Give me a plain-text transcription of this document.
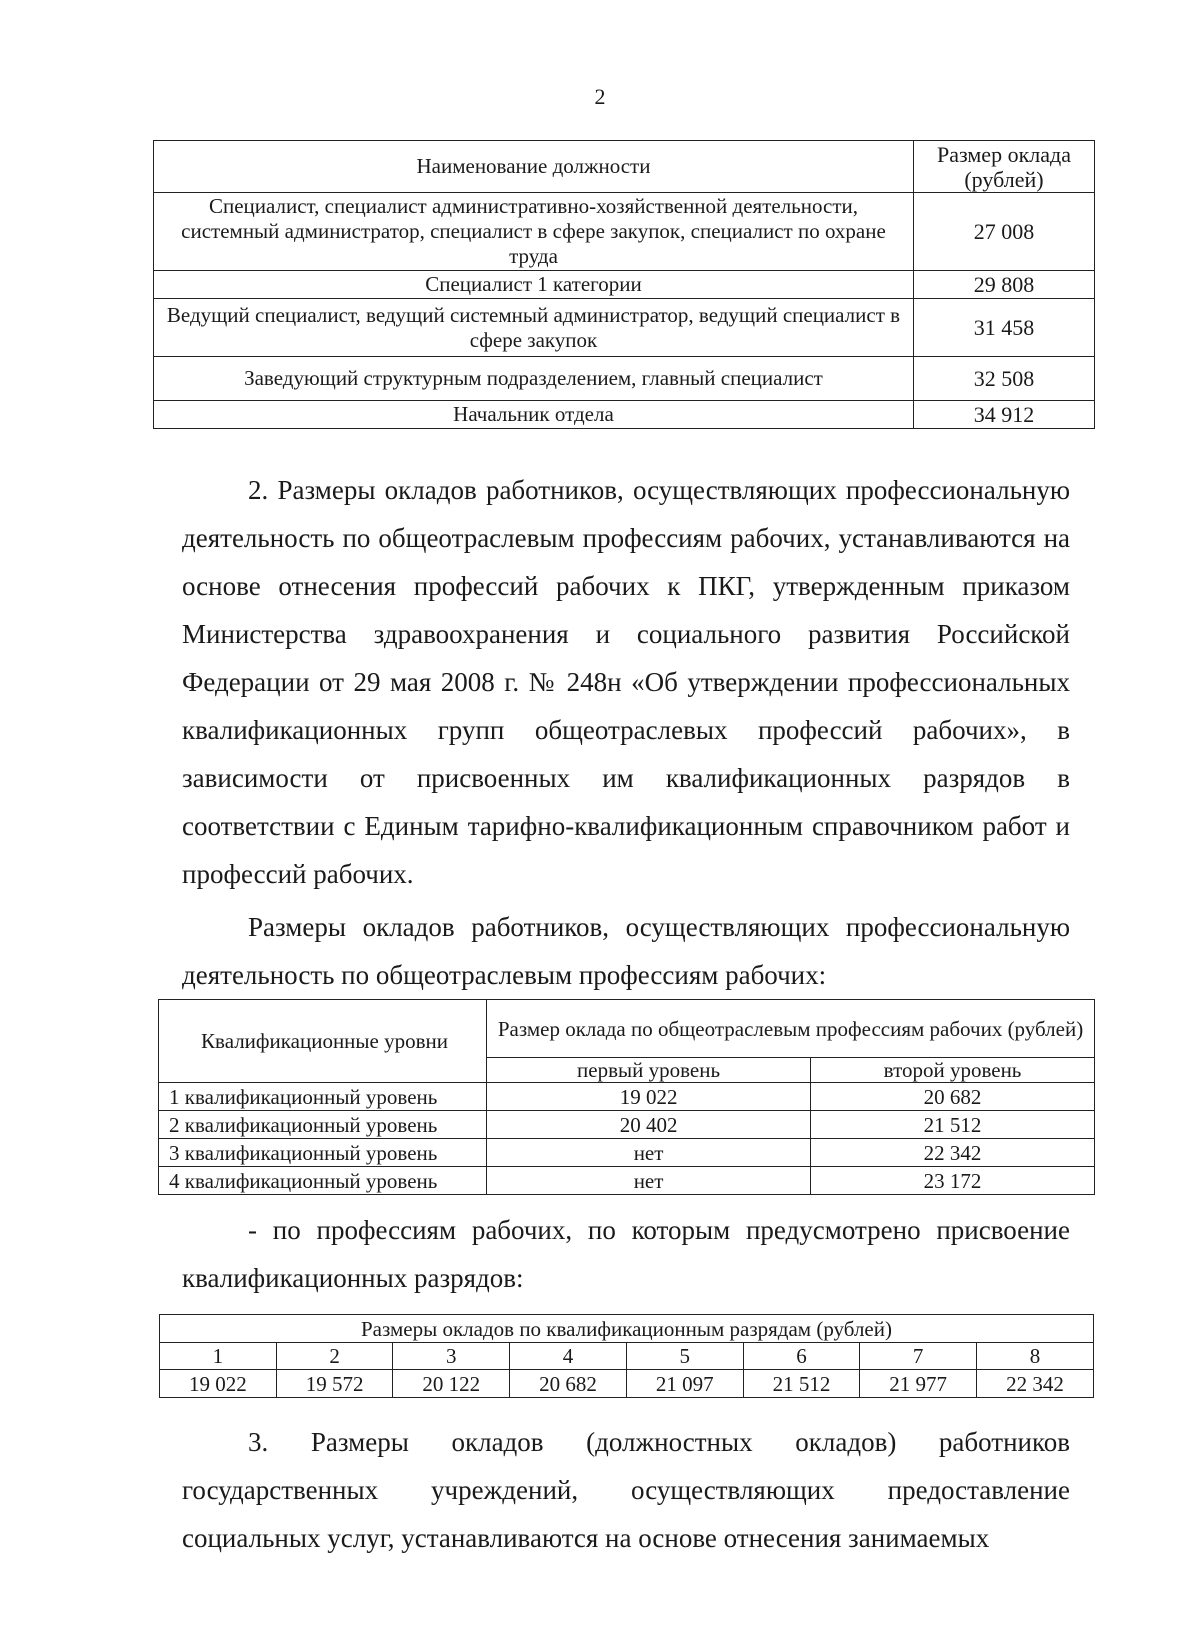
2
Наименование должности	Размер оклада (рублей)
Специалист, специалист административно-хозяйственной деятельности, системный администратор, специалист в сфере закупок, специалист по охране труда	27 008
Специалист 1 категории	29 808
Ведущий специалист, ведущий системный администратор, ведущий специалист в сфере закупок	31 458
Заведующий структурным подразделением, главный специалист	32 508
Начальник отдела	34 912
2. Размеры окладов работников, осуществляющих профессиональную деятельность по общеотраслевым профессиям рабочих, устанавливаются на основе отнесения профессий рабочих к ПКГ, утвержденным приказом Министерства здравоохранения и социального развития Российской Федерации от 29 мая 2008 г. № 248н «Об утверждении профессиональных квалификационных групп общеотраслевых профессий рабочих», в зависимости от присвоенных им квалификационных разрядов в соответствии с Единым тарифно-квалификационным справочником работ и профессий рабочих.
Размеры окладов работников, осуществляющих профессиональную деятельность по общеотраслевым профессиям рабочих:
Квалификационные уровни	Размер оклада по общеотраслевым профессиям рабочих (рублей)	
	первый уровень	второй уровень
1 квалификационный уровень	19 022	20 682
2 квалификационный уровень	20 402	21 512
3 квалификационный уровень	нет	22 342
4 квалификационный уровень	нет	23 172
- по профессиям рабочих, по которым предусмотрено присвоение квалификационных разрядов:
Размеры окладов по квалификационным разрядам (рублей)							
1	2	3	4	5	6	7	8
19 022	19 572	20 122	20 682	21 097	21 512	21 977	22 342
3. Размеры окладов (должностных окладов) работников государственных учреждений, осуществляющих предоставление социальных услуг, устанавливаются на основе отнесения занимаемых
